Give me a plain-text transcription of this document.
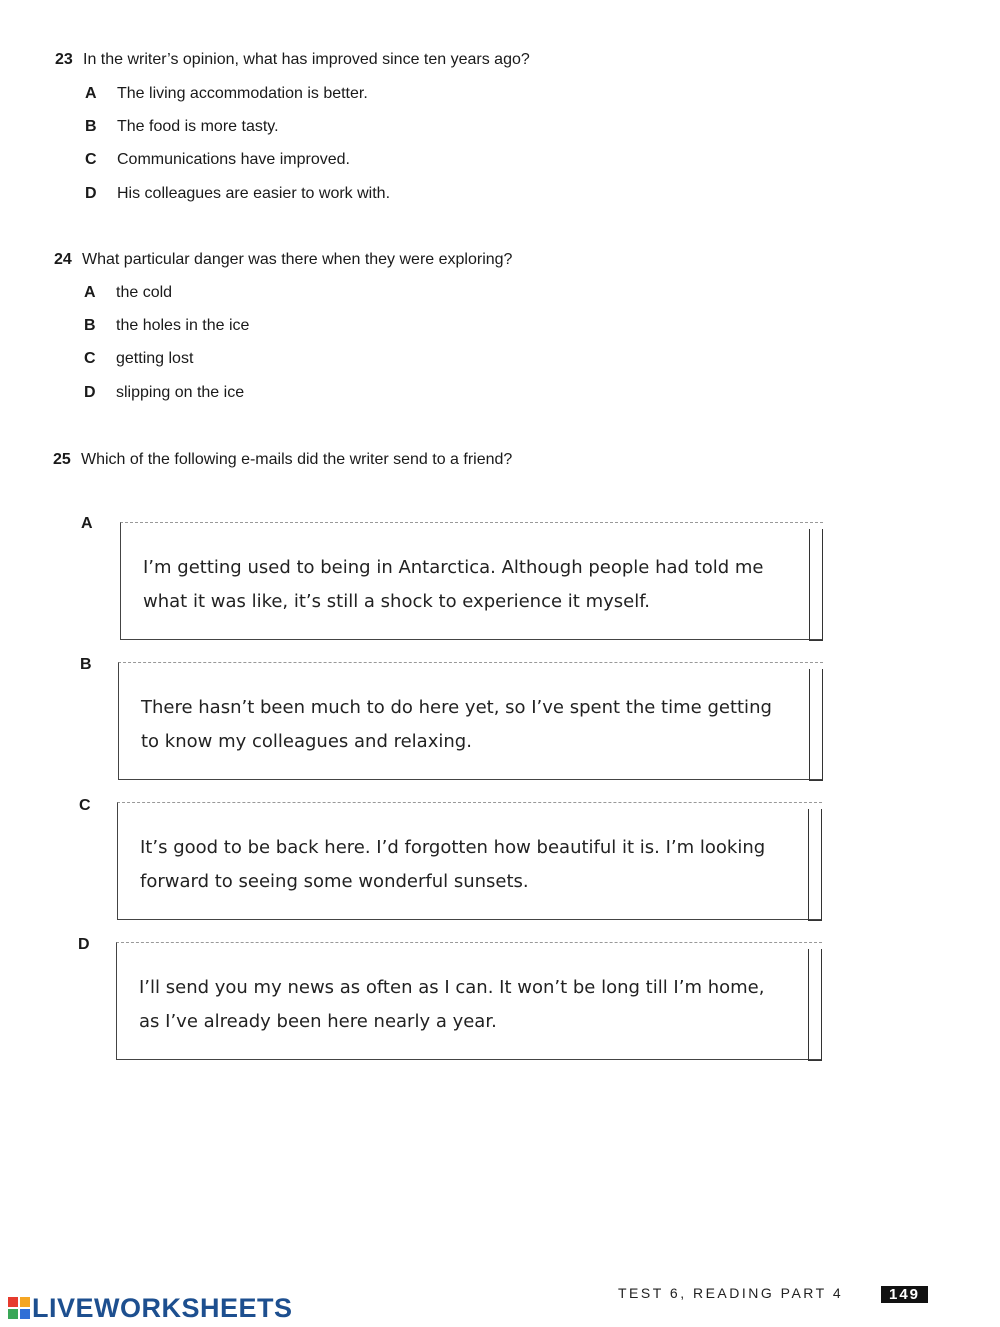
23 In the writer’s opinion, what has improved since ten years ago?
A The living accommodation is better.
B The food is more tasty.
C Communications have improved.
D His colleagues are easier to work with.
24 What particular danger was there when they were exploring?
A the cold
B the holes in the ice
C getting lost
D slipping on the ice
25 Which of the following e-mails did the writer send to a friend?
A
I’m getting used to being in Antarctica. Although people had told me what it was like, it’s still a shock to experience it myself.
B
There hasn’t been much to do here yet, so I’ve spent the time getting to know my colleagues and relaxing.
C
It’s good to be back here. I’d forgotten how beautiful it is. I’m looking forward to seeing some wonderful sunsets.
D
I’ll send you my news as often as I can. It won’t be long till I’m home, as I’ve already been here nearly a year.
TEST 6, READING PART 4	149
LIVEWORKSHEETS
